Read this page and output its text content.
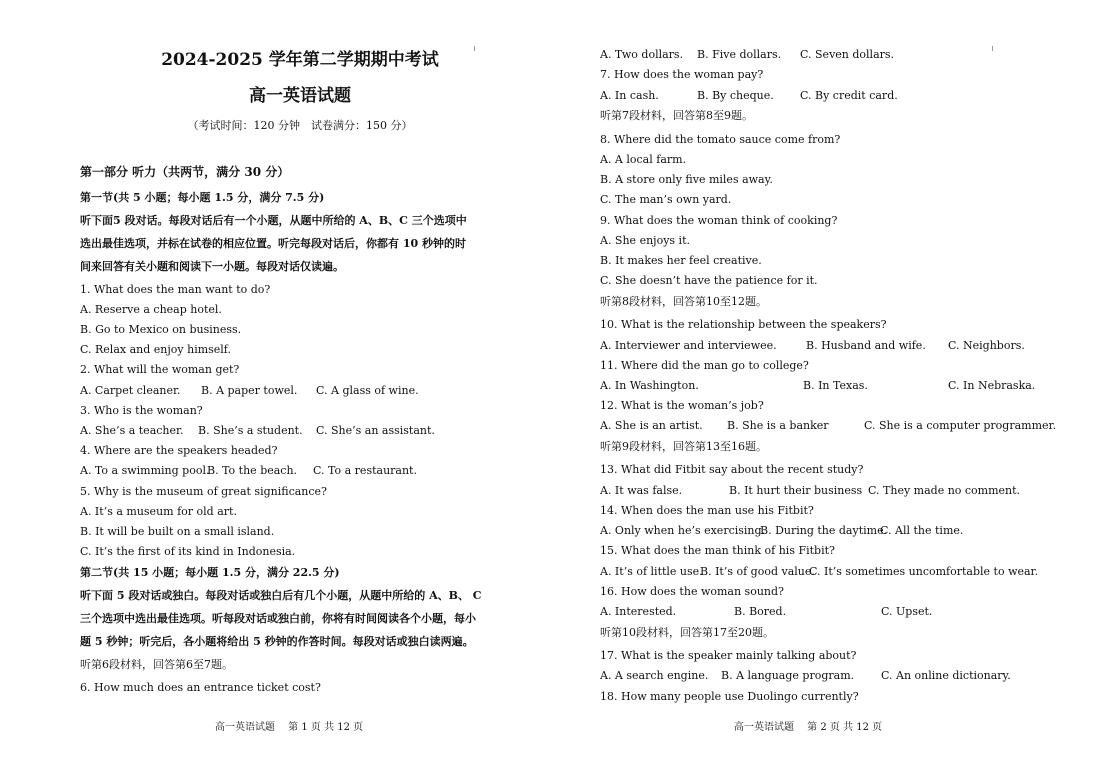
2024-2025 学年第二学期期中考试
高一英语试题
（考试时间：120 分钟　试卷满分：150 分）
第一部分 听力（共两节，满分 30 分）
第一节(共 5 小题；每小题 1.5 分，满分 7.5 分)
听下面5 段对话。每段对话后有一个小题，从题中所给的 A、B、C 三个选项中
选出最佳选项，并标在试卷的相应位置。听完每段对话后，你都有 10 秒钟的时
间来回答有关小题和阅读下一小题。每段对话仅读遍。
1. What does the man want to do?
A. Reserve a cheap hotel.
B. Go to Mexico on business.
C. Relax and enjoy himself.
2. What will the woman get?
A. Carpet cleaner. B. A paper towel. C. A glass of wine.
3. Who is the woman?
A. She’s a teacher. B. She’s a student. C. She’s an assistant.
4. Where are the speakers headed?
A. To a swimming pool.
B. To the beach. C. To a restaurant.
5. Why is the museum of great significance?
A. It’s a museum for old art.
B. It will be built on a small island.
C. It’s the first of its kind in Indonesia.
第二节(共 15 小题；每小题 1.5 分，满分 22.5 分)
听下面 5 段对话或独白。每段对话或独白后有几个小题，从题中所给的 A、B、 C
三个选项中选出最佳选项。听每段对话或独白前，你将有时间阅读各个小题，每小
题 5 秒钟；听完后，各小题将给出 5 秒钟的作答时间。每段对话或独白读两遍。
听第6段材料，回答第6至7题。
6. How much does an entrance ticket cost?
高一英语试题　 第 1 页 共 12 页
A. Two dollars. B. Five dollars. C. Seven dollars.
7. How does the woman pay?
A. In cash.	B. By cheque. C. By credit card.
听第7段材料，回答第8至9题。
8. Where did the tomato sauce come from?
A. A local farm.
B. A store only five miles away.
C. The man’s own yard.
9. What does the woman think of cooking?
A. She enjoys it.
B. It makes her feel creative.
C. She doesn’t have the patience for it.
听第8段材料，回答第10至12题。
10. What is the relationship between the speakers?
A. Interviewer and interviewee.	B. Husband and wife. C. Neighbors.
11. Where did the man go to college?
A. In Washington.	B. In Texas.	C. In Nebraska.
12. What is the woman’s job?
A. She is an artist. B. She is a banker	C. She is a computer programmer.
听第9段材料，回答第13至16题。
13. What did Fitbit say about the recent study?
A. It was false.	B. It hurt their business C. They made no comment.
14. When does the man use his Fitbit?
A. Only when he’s exercising.
B. During the daytime.
C. All the time.
15. What does the man think of his Fitbit?
A. It’s of little use.
B. It’s of good value.
C. It’s sometimes uncomfortable to wear.
16. How does the woman sound?
A. Interested.	B. Bored.	C. Upset.
听第10段材料，回答第17至20题。
17. What is the speaker mainly talking about?
A. A search engine. B. A language program. C. An online dictionary.
18. How many people use Duolingo currently?
高一英语试题　 第 2 页 共 12 页
